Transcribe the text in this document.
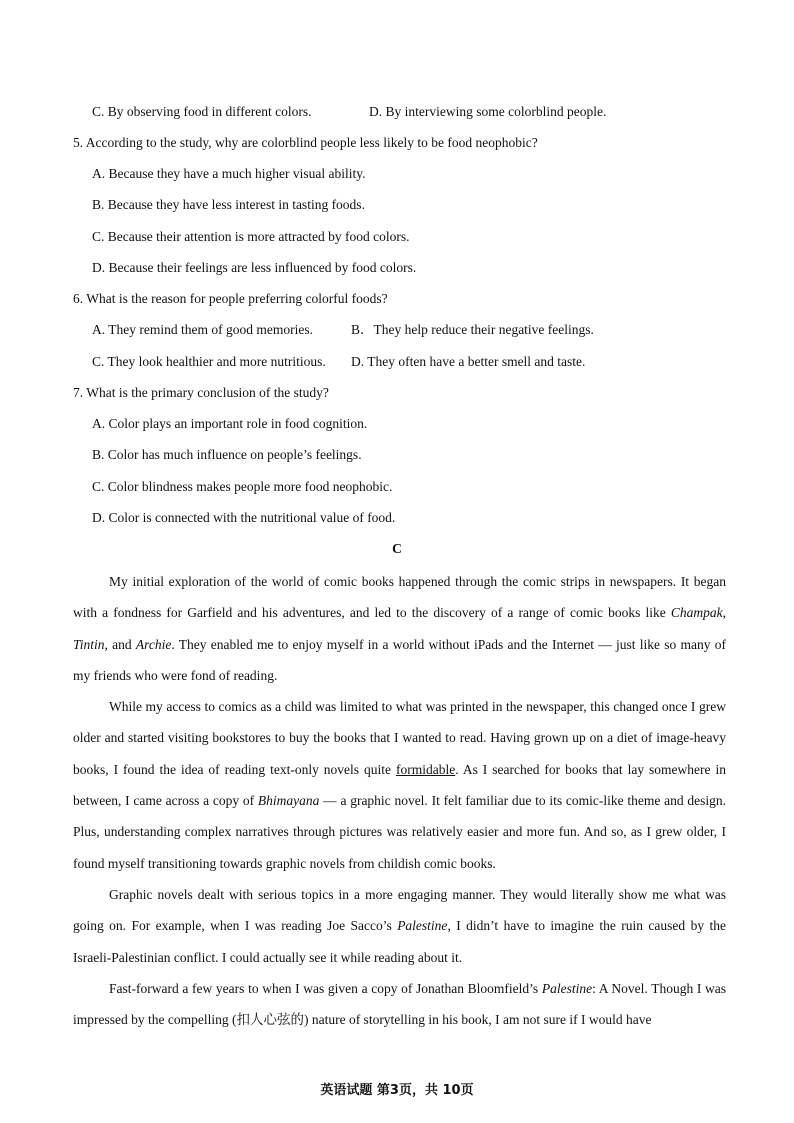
C. By observing food in different colors.	D. By interviewing some colorblind people.
5. According to the study, why are colorblind people less likely to be food neophobic?
A. Because they have a much higher visual ability.
B. Because they have less interest in tasting foods.
C. Because their attention is more attracted by food colors.
D. Because their feelings are less influenced by food colors.
6. What is the reason for people preferring colorful foods?
A. They remind them of good memories.	B．They help reduce their negative feelings.
C. They look healthier and more nutritious. D. They often have a better smell and taste.
7. What is the primary conclusion of the study?
A. Color plays an important role in food cognition.
B. Color has much influence on people’s feelings.
C. Color blindness makes people more food neophobic.
D. Color is connected with the nutritional value of food.
C

My initial exploration of the world of comic books happened through the comic strips in newspapers. It began with a fondness for Garfield and his adventures, and led to the discovery of a range of comic books like Champak, Tintin, and Archie. They enabled me to enjoy myself in a world without iPads and the Internet — just like so many of my friends who were fond of reading.

While my access to comics as a child was limited to what was printed in the newspaper, this changed once I grew older and started visiting bookstores to buy the books that I wanted to read. Having grown up on a diet of image-heavy books, I found the idea of reading text-only novels quite formidable. As I searched for books that lay somewhere in between, I came across a copy of Bhimayana — a graphic novel. It felt familiar due to its comic-like theme and design. Plus, understanding complex narratives through pictures was relatively easier and more fun. And so, as I grew older, I found myself transitioning towards graphic novels from childish comic books.

Graphic novels dealt with serious topics in a more engaging manner. They would literally show me what was going on. For example, when I was reading Joe Sacco’s Palestine, I didn’t have to imagine the ruin caused by the Israeli-Palestinian conflict. I could actually see it while reading about it.

Fast-forward a few years to when I was given a copy of Jonathan Bloomfield’s Palestine: A Novel. Though I was impressed by the compelling (扣人心弦的) nature of storytelling in his book, I am not sure if I would have

英语试题 第3页，共 10页
